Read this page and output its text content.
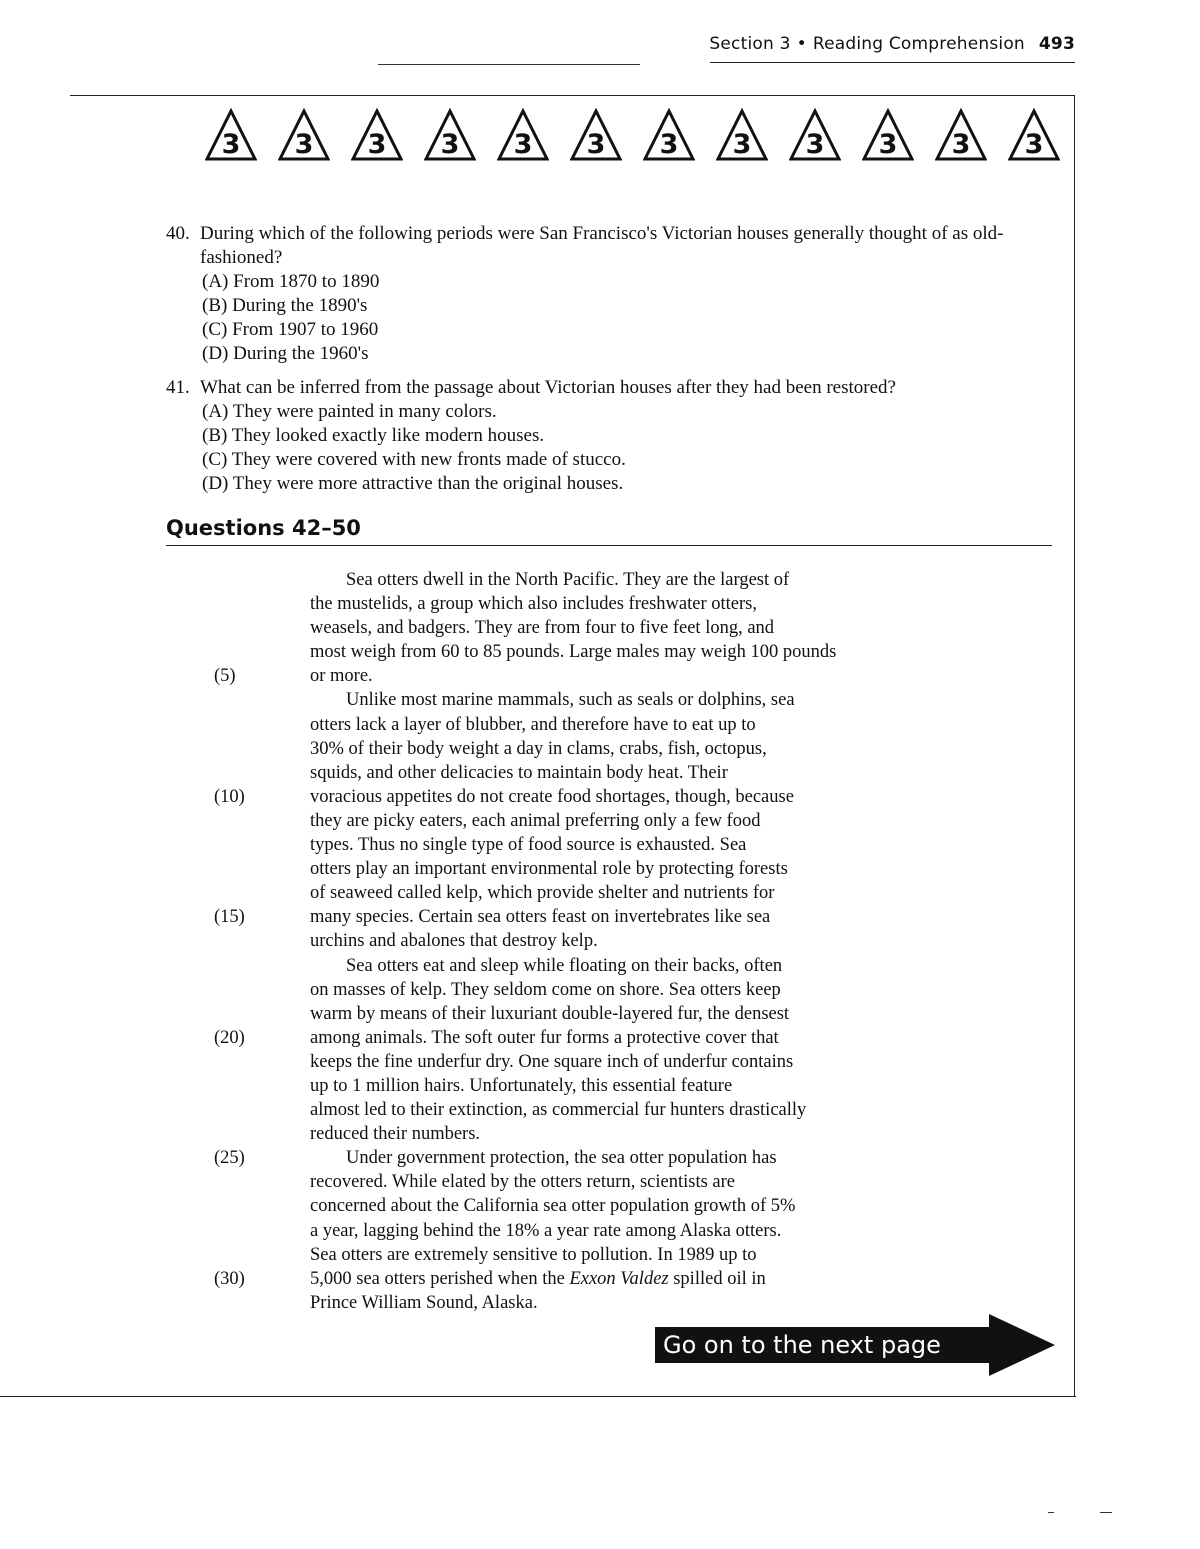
Section 3 • Reading Comprehension 493
3 3 3 3 3 3 3 3 3 3 3 3
40. During which of the following periods were San Francisco's Victorian houses generally thought of as old-fashioned?
(A) From 1870 to 1890
(B) During the 1890's
(C) From 1907 to 1960
(D) During the 1960's
41. What can be inferred from the passage about Victorian houses after they had been restored?
(A) They were painted in many colors.
(B) They looked exactly like modern houses.
(C) They were covered with new fronts made of stucco.
(D) They were more attractive than the original houses.
Questions 42–50
Sea otters dwell in the North Pacific. They are the largest of
the mustelids, a group which also includes freshwater otters,
weasels, and badgers. They are from four to five feet long, and
most weigh from 60 to 85 pounds. Large males may weigh 100 pounds
(5)	or more.
Unlike most marine mammals, such as seals or dolphins, sea
otters lack a layer of blubber, and therefore have to eat up to
30% of their body weight a day in clams, crabs, fish, octopus,
squids, and other delicacies to maintain body heat. Their
(10)	voracious appetites do not create food shortages, though, because
they are picky eaters, each animal preferring only a few food
types. Thus no single type of food source is exhausted. Sea
otters play an important environmental role by protecting forests
of seaweed called kelp, which provide shelter and nutrients for
(15)	many species. Certain sea otters feast on invertebrates like sea
urchins and abalones that destroy kelp.
Sea otters eat and sleep while floating on their backs, often
on masses of kelp. They seldom come on shore. Sea otters keep
warm by means of their luxuriant double-layered fur, the densest
(20)	among animals. The soft outer fur forms a protective cover that
keeps the fine underfur dry. One square inch of underfur contains
up to 1 million hairs. Unfortunately, this essential feature
almost led to their extinction, as commercial fur hunters drastically
reduced their numbers.
(25)	Under government protection, the sea otter population has
recovered. While elated by the otters return, scientists are
concerned about the California sea otter population growth of 5%
a year, lagging behind the 18% a year rate among Alaska otters.
Sea otters are extremely sensitive to pollution. In 1989 up to
(30)	5,000 sea otters perished when the Exxon Valdez spilled oil in
Prince William Sound, Alaska.
Go on to the next page
